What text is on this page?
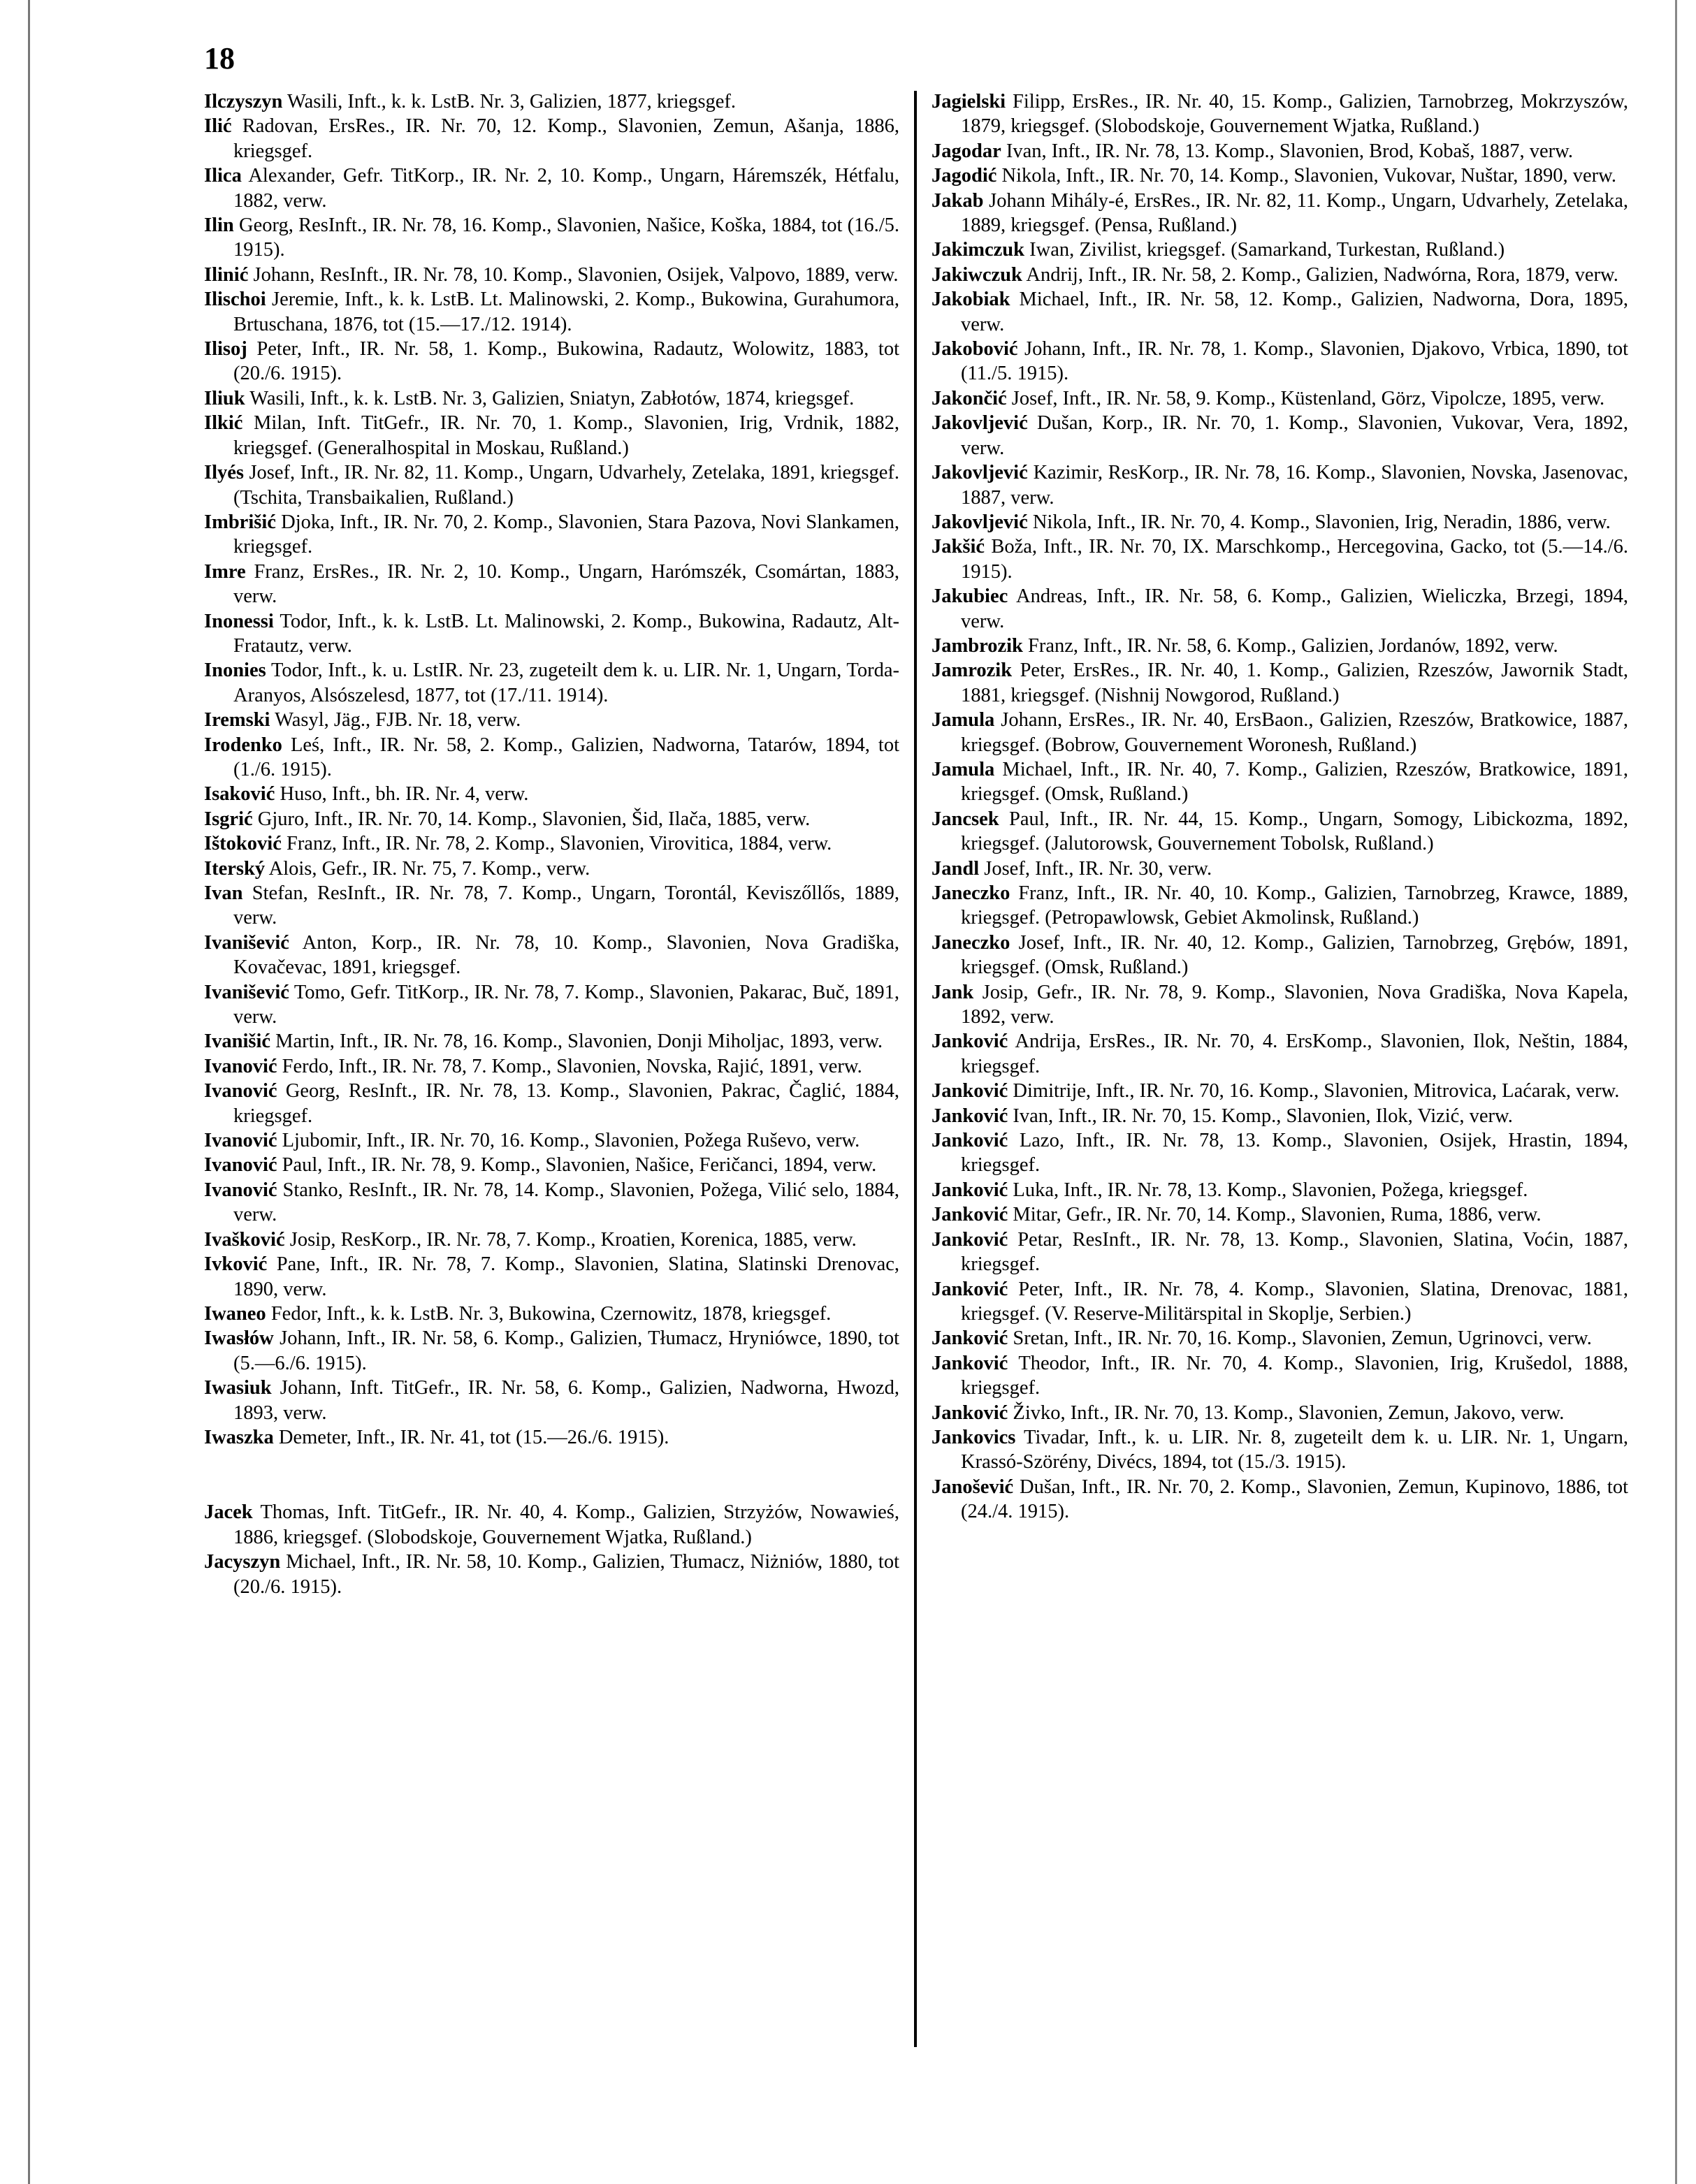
18

Ilczyszyn Wasili, Inft., k. k. LstB. Nr. 3, Galizien, 1877, kriegsgef.

Ilić Radovan, ErsRes., IR. Nr. 70, 12. Komp., Slavonien, Zemun, Ašanja, 1886, kriegsgef.

Ilica Alexander, Gefr. TitKorp., IR. Nr. 2, 10. Komp., Ungarn, Háremszék, Hétfalu, 1882, verw.

Ilin Georg, ResInft., IR. Nr. 78, 16. Komp., Slavonien, Našice, Koška, 1884, tot (16./5. 1915).

Ilinić Johann, ResInft., IR. Nr. 78, 10. Komp., Slavonien, Osijek, Valpovo, 1889, verw.

Ilischoi Jeremie, Inft., k. k. LstB. Lt. Malinowski, 2. Komp., Bukowina, Gurahumora, Brtuschana, 1876, tot (15.—17./12. 1914).

Ilisoj Peter, Inft., IR. Nr. 58, 1. Komp., Bukowina, Radautz, Wolowitz, 1883, tot (20./6. 1915).

Iliuk Wasili, Inft., k. k. LstB. Nr. 3, Galizien, Sniatyn, Zabłotów, 1874, kriegsgef.

Ilkić Milan, Inft. TitGefr., IR. Nr. 70, 1. Komp., Slavonien, Irig, Vrdnik, 1882, kriegsgef. (Generalhospital in Moskau, Rußland.)

Ilyés Josef, Inft., IR. Nr. 82, 11. Komp., Ungarn, Udvarhely, Zetelaka, 1891, kriegsgef. (Tschita, Transbaikalien, Rußland.)

Imbrišić Djoka, Inft., IR. Nr. 70, 2. Komp., Slavonien, Stara Pazova, Novi Slankamen, kriegsgef.

Imre Franz, ErsRes., IR. Nr. 2, 10. Komp., Ungarn, Harómszék, Csomártan, 1883, verw.

Inonessi Todor, Inft., k. k. LstB. Lt. Malinowski, 2. Komp., Bukowina, Radautz, Alt-Fratautz, verw.

Inonies Todor, Inft., k. u. LstIR. Nr. 23, zugeteilt dem k. u. LIR. Nr. 1, Ungarn, Torda-Aranyos, Alsószelesd, 1877, tot (17./11. 1914).

Iremski Wasyl, Jäg., FJB. Nr. 18, verw.

Irodenko Leś, Inft., IR. Nr. 58, 2. Komp., Galizien, Nadworna, Tatarów, 1894, tot (1./6. 1915).

Isaković Huso, Inft., bh. IR. Nr. 4, verw.

Isgrić Gjuro, Inft., IR. Nr. 70, 14. Komp., Slavonien, Šid, Ilača, 1885, verw.

Ištoković Franz, Inft., IR. Nr. 78, 2. Komp., Slavonien, Virovitica, 1884, verw.

Iterský Alois, Gefr., IR. Nr. 75, 7. Komp., verw.

Ivan Stefan, ResInft., IR. Nr. 78, 7. Komp., Ungarn, Torontál, Keviszőllős, 1889, verw.

Ivanišević Anton, Korp., IR. Nr. 78, 10. Komp., Slavonien, Nova Gradiška, Kovačevac, 1891, kriegsgef.

Ivanišević Tomo, Gefr. TitKorp., IR. Nr. 78, 7. Komp., Slavonien, Pakarac, Buč, 1891, verw.

Ivanišić Martin, Inft., IR. Nr. 78, 16. Komp., Slavonien, Donji Miholjac, 1893, verw.

Ivanović Ferdo, Inft., IR. Nr. 78, 7. Komp., Slavonien, Novska, Rajić, 1891, verw.

Ivanović Georg, ResInft., IR. Nr. 78, 13. Komp., Slavonien, Pakrac, Čaglić, 1884, kriegsgef.

Ivanović Ljubomir, Inft., IR. Nr. 70, 16. Komp., Slavonien, Požega Ruševo, verw.

Ivanović Paul, Inft., IR. Nr. 78, 9. Komp., Slavonien, Našice, Feričanci, 1894, verw.

Ivanović Stanko, ResInft., IR. Nr. 78, 14. Komp., Slavonien, Požega, Vilić selo, 1884, verw.

Ivašković Josip, ResKorp., IR. Nr. 78, 7. Komp., Kroatien, Korenica, 1885, verw.

Ivković Pane, Inft., IR. Nr. 78, 7. Komp., Slavonien, Slatina, Slatinski Drenovac, 1890, verw.

Iwaneo Fedor, Inft., k. k. LstB. Nr. 3, Bukowina, Czernowitz, 1878, kriegsgef.

Iwasłów Johann, Inft., IR. Nr. 58, 6. Komp., Galizien, Tłumacz, Hryniówce, 1890, tot (5.—6./6. 1915).

Iwasiuk Johann, Inft. TitGefr., IR. Nr. 58, 6. Komp., Galizien, Nadworna, Hwozd, 1893, verw.

Iwaszka Demeter, Inft., IR. Nr. 41, tot (15.—26./6. 1915).

Jacek Thomas, Inft. TitGefr., IR. Nr. 40, 4. Komp., Galizien, Strzyżów, Nowawieś, 1886, kriegsgef. (Slobodskoje, Gouvernement Wjatka, Rußland.)

Jacyszyn Michael, Inft., IR. Nr. 58, 10. Komp., Galizien, Tłumacz, Niżniów, 1880, tot (20./6. 1915).

Jagielski Filipp, ErsRes., IR. Nr. 40, 15. Komp., Galizien, Tarnobrzeg, Mokrzyszów, 1879, kriegsgef. (Slobodskoje, Gouvernement Wjatka, Rußland.)

Jagodar Ivan, Inft., IR. Nr. 78, 13. Komp., Slavonien, Brod, Kobaš, 1887, verw.

Jagodić Nikola, Inft., IR. Nr. 70, 14. Komp., Slavonien, Vukovar, Nuštar, 1890, verw.

Jakab Johann Mihály-é, ErsRes., IR. Nr. 82, 11. Komp., Ungarn, Udvarhely, Zetelaka, 1889, kriegsgef. (Pensa, Rußland.)

Jakimczuk Iwan, Zivilist, kriegsgef. (Samarkand, Turkestan, Rußland.)

Jakiwczuk Andrij, Inft., IR. Nr. 58, 2. Komp., Galizien, Nadwórna, Rora, 1879, verw.

Jakobiak Michael, Inft., IR. Nr. 58, 12. Komp., Galizien, Nadworna, Dora, 1895, verw.

Jakobović Johann, Inft., IR. Nr. 78, 1. Komp., Slavonien, Djakovo, Vrbica, 1890, tot (11./5. 1915).

Jakončić Josef, Inft., IR. Nr. 58, 9. Komp., Küstenland, Görz, Vipolcze, 1895, verw.

Jakovljević Dušan, Korp., IR. Nr. 70, 1. Komp., Slavonien, Vukovar, Vera, 1892, verw.

Jakovljević Kazimir, ResKorp., IR. Nr. 78, 16. Komp., Slavonien, Novska, Jasenovac, 1887, verw.

Jakovljević Nikola, Inft., IR. Nr. 70, 4. Komp., Slavonien, Irig, Neradin, 1886, verw.

Jakšić Boža, Inft., IR. Nr. 70, IX. Marschkomp., Hercegovina, Gacko, tot (5.—14./6. 1915).

Jakubiec Andreas, Inft., IR. Nr. 58, 6. Komp., Galizien, Wieliczka, Brzegi, 1894, verw.

Jambrozik Franz, Inft., IR. Nr. 58, 6. Komp., Galizien, Jordanów, 1892, verw.

Jamrozik Peter, ErsRes., IR. Nr. 40, 1. Komp., Galizien, Rzeszów, Jawornik Stadt, 1881, kriegsgef. (Nishnij Nowgorod, Rußland.)

Jamula Johann, ErsRes., IR. Nr. 40, ErsBaon., Galizien, Rzeszów, Bratkowice, 1887, kriegsgef. (Bobrow, Gouvernement Woronesh, Rußland.)

Jamula Michael, Inft., IR. Nr. 40, 7. Komp., Galizien, Rzeszów, Bratkowice, 1891, kriegsgef. (Omsk, Rußland.)

Jancsek Paul, Inft., IR. Nr. 44, 15. Komp., Ungarn, Somogy, Libickozma, 1892, kriegsgef. (Jalutorowsk, Gouvernement Tobolsk, Rußland.)

Jandl Josef, Inft., IR. Nr. 30, verw.

Janeczko Franz, Inft., IR. Nr. 40, 10. Komp., Galizien, Tarnobrzeg, Krawce, 1889, kriegsgef. (Petropawlowsk, Gebiet Akmolinsk, Rußland.)

Janeczko Josef, Inft., IR. Nr. 40, 12. Komp., Galizien, Tarnobrzeg, Grębów, 1891, kriegsgef. (Omsk, Rußland.)

Jank Josip, Gefr., IR. Nr. 78, 9. Komp., Slavonien, Nova Gradiška, Nova Kapela, 1892, verw.

Janković Andrija, ErsRes., IR. Nr. 70, 4. ErsKomp., Slavonien, Ilok, Neštin, 1884, kriegsgef.

Janković Dimitrije, Inft., IR. Nr. 70, 16. Komp., Slavonien, Mitrovica, Laćarak, verw.

Janković Ivan, Inft., IR. Nr. 70, 15. Komp., Slavonien, Ilok, Vizić, verw.

Janković Lazo, Inft., IR. Nr. 78, 13. Komp., Slavonien, Osijek, Hrastin, 1894, kriegsgef.

Janković Luka, Inft., IR. Nr. 78, 13. Komp., Slavonien, Požega, kriegsgef.

Janković Mitar, Gefr., IR. Nr. 70, 14. Komp., Slavonien, Ruma, 1886, verw.

Janković Petar, ResInft., IR. Nr. 78, 13. Komp., Slavonien, Slatina, Voćin, 1887, kriegsgef.

Janković Peter, Inft., IR. Nr. 78, 4. Komp., Slavonien, Slatina, Drenovac, 1881, kriegsgef. (V. Reserve-Militärspital in Skoplje, Serbien.)

Janković Sretan, Inft., IR. Nr. 70, 16. Komp., Slavonien, Zemun, Ugrinovci, verw.

Janković Theodor, Inft., IR. Nr. 70, 4. Komp., Slavonien, Irig, Krušedol, 1888, kriegsgef.

Janković Živko, Inft., IR. Nr. 70, 13. Komp., Slavonien, Zemun, Jakovo, verw.

Jankovics Tivadar, Inft., k. u. LIR. Nr. 8, zugeteilt dem k. u. LIR. Nr. 1, Ungarn, Krassó-Szörény, Divécs, 1894, tot (15./3. 1915).

Janošević Dušan, Inft., IR. Nr. 70, 2. Komp., Slavonien, Zemun, Kupinovo, 1886, tot (24./4. 1915).
